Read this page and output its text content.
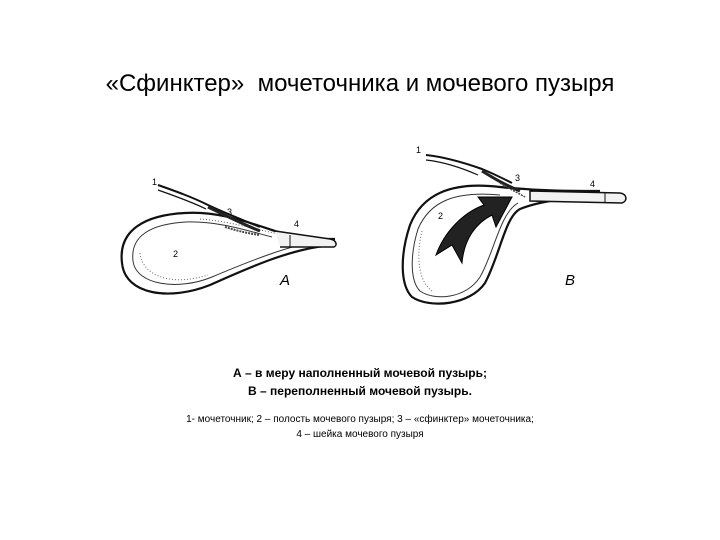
«Сфинктер»  мочеточника и мочевого пузыря
1
2
3
4
А
1
2
3
4
В
А – в меру наполненный мочевой пузырь;
В – переполненный мочевой пузырь.
1- мочеточник; 2 – полость мочевого пузыря; 3 – «сфинктер» мочеточника;
4 – шейка мочевого пузыря
